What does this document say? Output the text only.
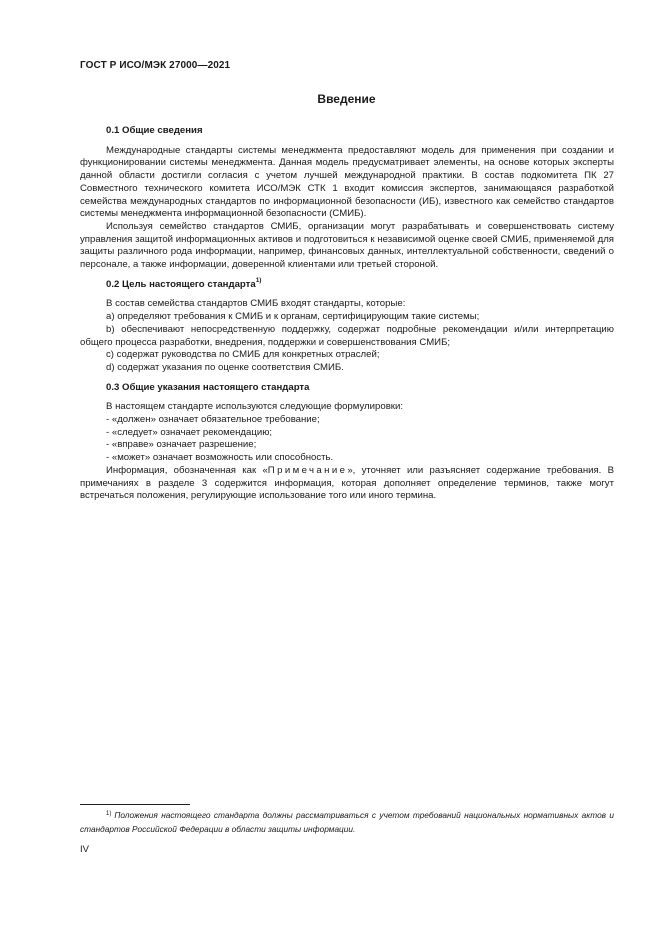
ГОСТ Р ИСО/МЭК 27000—2021
Введение
0.1 Общие сведения

Международные стандарты системы менеджмента предоставляют модель для применения при создании и функционировании системы менеджмента. Данная модель предусматривает элементы, на основе которых эксперты данной области достигли согласия с учетом лучшей международной практики. В состав подкомитета ПК 27 Совместного технического комитета ИСО/МЭК СТК 1 входит комиссия экспертов, занимающаяся разработкой семейства международных стандартов по информационной безопасности (ИБ), известного как семейство стандартов системы менеджмента информационной безопасности (СМИБ).

Используя семейство стандартов СМИБ, организации могут разрабатывать и совершенствовать систему управления защитой информационных активов и подготовиться к независимой оценке своей СМИБ, применяемой для защиты различного рода информации, например, финансовых данных, интеллектуальной собственности, сведений о персонале, а также информации, доверенной клиентами или третьей стороной.

0.2 Цель настоящего стандарта$^{1)}$

В состав семейства стандартов СМИБ входят стандарты, которые:

a) определяют требования к СМИБ и к органам, сертифицирующим такие системы;

b) обеспечивают непосредственную поддержку, содержат подробные рекомендации и/или интерпретацию общего процесса разработки, внедрения, поддержки и совершенствования СМИБ;

c) содержат руководства по СМИБ для конкретных отраслей;

d) содержат указания по оценке соответствия СМИБ.

0.3 Общие указания настоящего стандарта

В настоящем стандарте используются следующие формулировки:

- «должен» означает обязательное требование;

- «следует» означает рекомендацию;

- «вправе» означает разрешение;

- «может» означает возможность или способность.

Информация, обозначенная как «Примечание», уточняет или разъясняет содержание требования. В примечаниях в разделе 3 содержится информация, которая дополняет определение терминов, также могут встречаться положения, регулирующие использование того или иного термина.

$^{1)}$ Положения настоящего стандарта должны рассматриваться с учетом требований национальных нормативных актов и стандартов Российской Федерации в области защиты информации.
IV
